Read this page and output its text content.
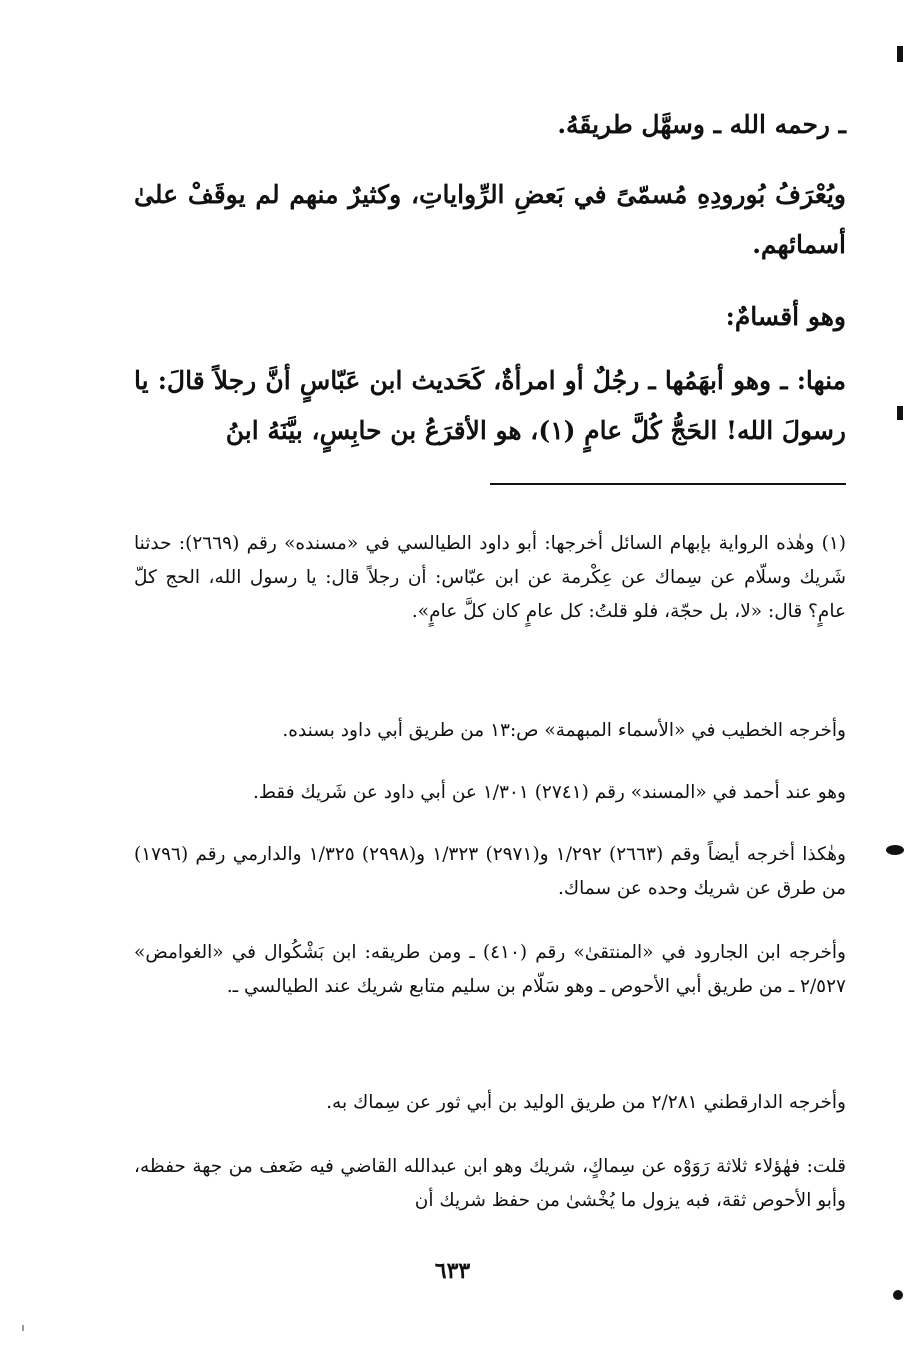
ـ رحمه الله ـ وسهَّل طريقَهُ.
ويُعْرَفُ بُورودِهِ مُسمّىً في بَعضِ الرِّواياتِ، وكثيرٌ منهم لم يوقَفْ علىٰ أسمائهم.
وهو أقسامٌ:
منها: ـ وهو أبهَمُها ـ رجُلٌ أو امرأةٌ، كَحَديث ابن عَبّاسٍ أنَّ رجلاً قالَ: يا رسولَ الله! الحَجُّ كُلَّ عامٍ (١)، هو الأقرَعُ بن حابِسٍ، بيَّنَهُ ابنُ
(١) وهٰذه الرواية بإبهام السائل أخرجها: أبو داود الطيالسي في «مسنده» رقم (٢٦٦٩): حدثنا شَريك وسلّام عن سِماك عن عِكْرمة عن ابن عبّاس: أن رجلاً قال: يا رسول الله، الحج كلّ عامٍ؟ قال: «لا، بل حجّة، فلو قلتُ: كل عامٍ كان كلَّ عامٍ».
وأخرجه الخطيب في «الأسماء المبهمة» ص:١٣ من طريق أبي داود بسنده.
وهو عند أحمد في «المسند» رقم (٢٧٤١) ١/٣٠١ عن أبي داود عن شَريك فقط.
وهٰكذا أخرجه أيضاً وقم (٢٦٦٣) ١/٢٩٢ و(٢٩٧١) ١/٣٢٣ و(٢٩٩٨) ١/٣٢٥ والدارمي رقم (١٧٩٦) من طرق عن شريك وحده عن سماك.
وأخرجه ابن الجارود في «المنتقىٰ» رقم (٤١٠) ـ ومن طريقه: ابن بَشْكُوال في «الغوامض» ٢/٥٢٧ ـ من طريق أبي الأحوص ـ وهو سَلّام بن سليم متابع شريك عند الطيالسي ـ.
وأخرجه الدارقطني ٢/٢٨١ من طريق الوليد بن أبي ثور عن سِماك به.
قلت: فهٰؤلاء ثلاثة رَوَوْه عن سِماكٍ، شريك وهو ابن عبدالله القاضي فيه ضَعف من جهة حفظه، وأبو الأحوص ثقة، فبه يزول ما يُخْشىٰ من حفظ شريك أن
٦٣٣
